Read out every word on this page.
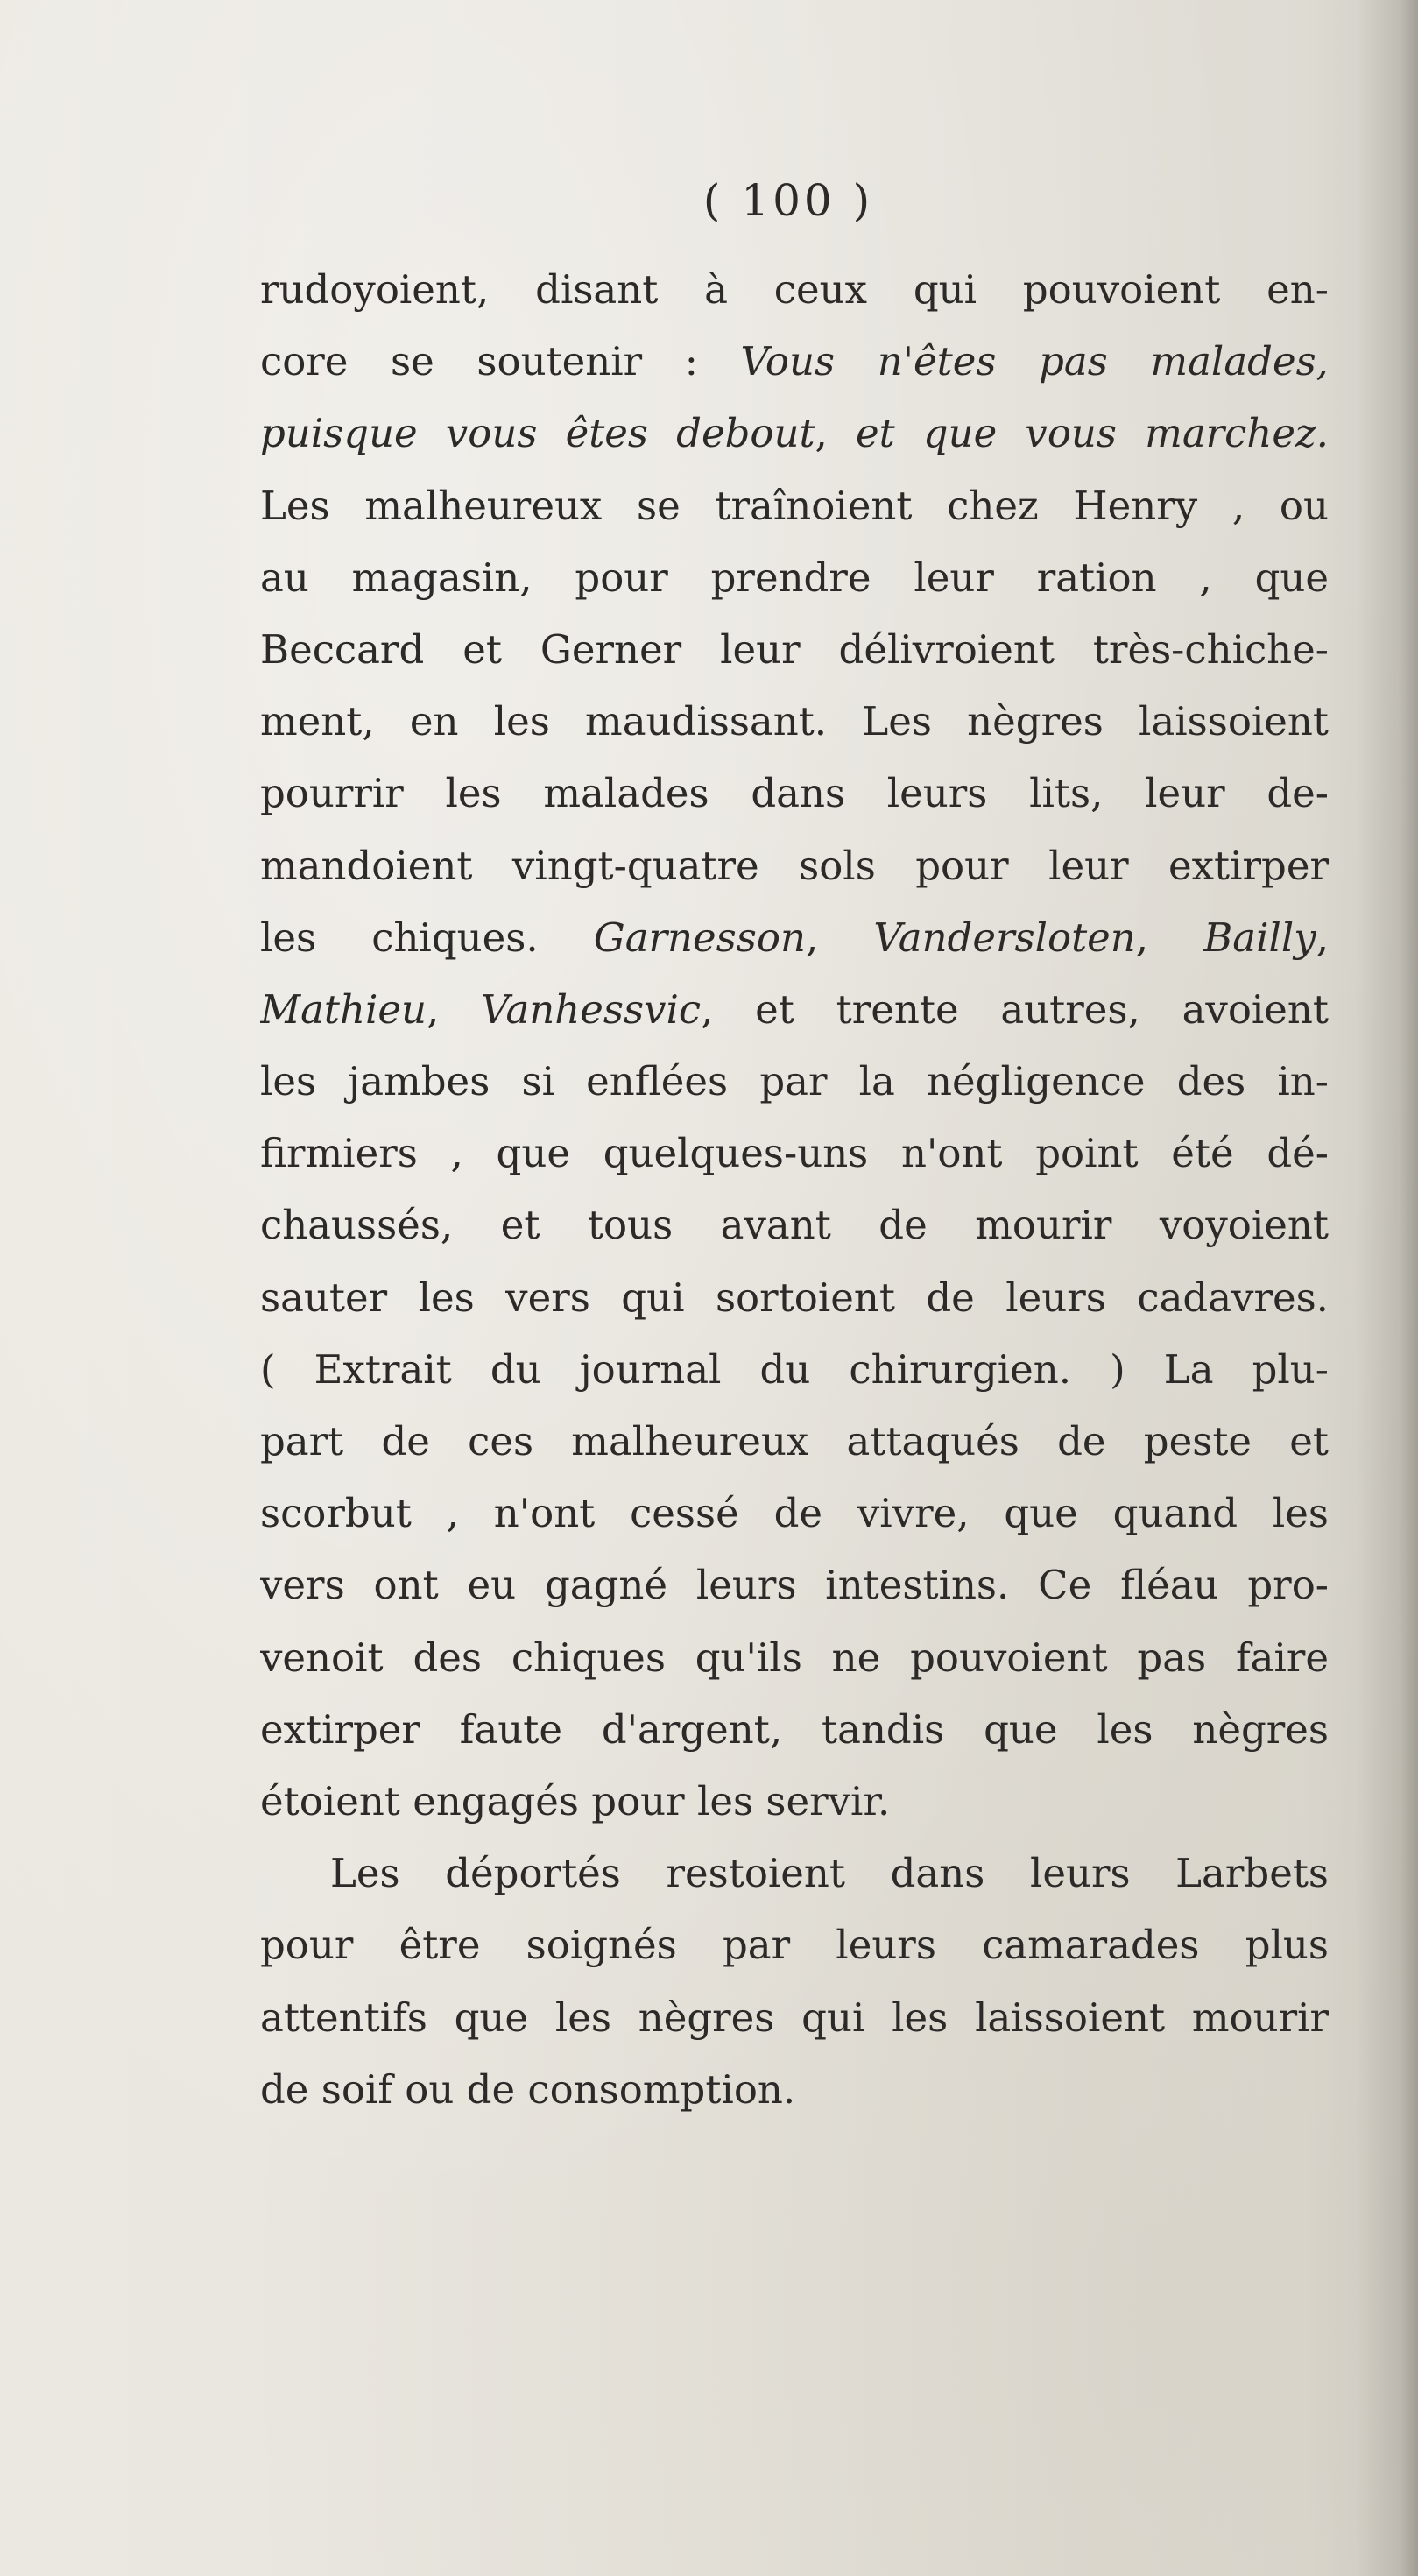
( 100 )
rudoyoient, disant à ceux qui pouvoient en-
core se soutenir : Vous n'êtes pas malades,
puisque vous êtes debout, et que vous marchez.
Les malheureux se traînoient chez Henry , ou
au magasin, pour prendre leur ration , que
Beccard et Gerner leur délivroient très-chiche-
ment, en les maudissant. Les nègres laissoient
pourrir les malades dans leurs lits, leur de-
mandoient vingt-quatre sols pour leur extirper
les chiques. Garnesson, Vandersloten, Bailly,
Mathieu, Vanhessvic, et trente autres, avoient
les jambes si enflées par la négligence des in-
firmiers , que quelques-uns n'ont point été dé-
chaussés, et tous avant de mourir voyoient
sauter les vers qui sortoient de leurs cadavres.
( Extrait du journal du chirurgien. ) La plu-
part de ces malheureux attaqués de peste et
scorbut , n'ont cessé de vivre, que quand les
vers ont eu gagné leurs intestins. Ce fléau pro-
venoit des chiques qu'ils ne pouvoient pas faire
extirper faute d'argent, tandis que les nègres
étoient engagés pour les servir.
Les déportés restoient dans leurs Larbets
pour être soignés par leurs camarades plus
attentifs que les nègres qui les laissoient mourir
de soif ou de consomption.
